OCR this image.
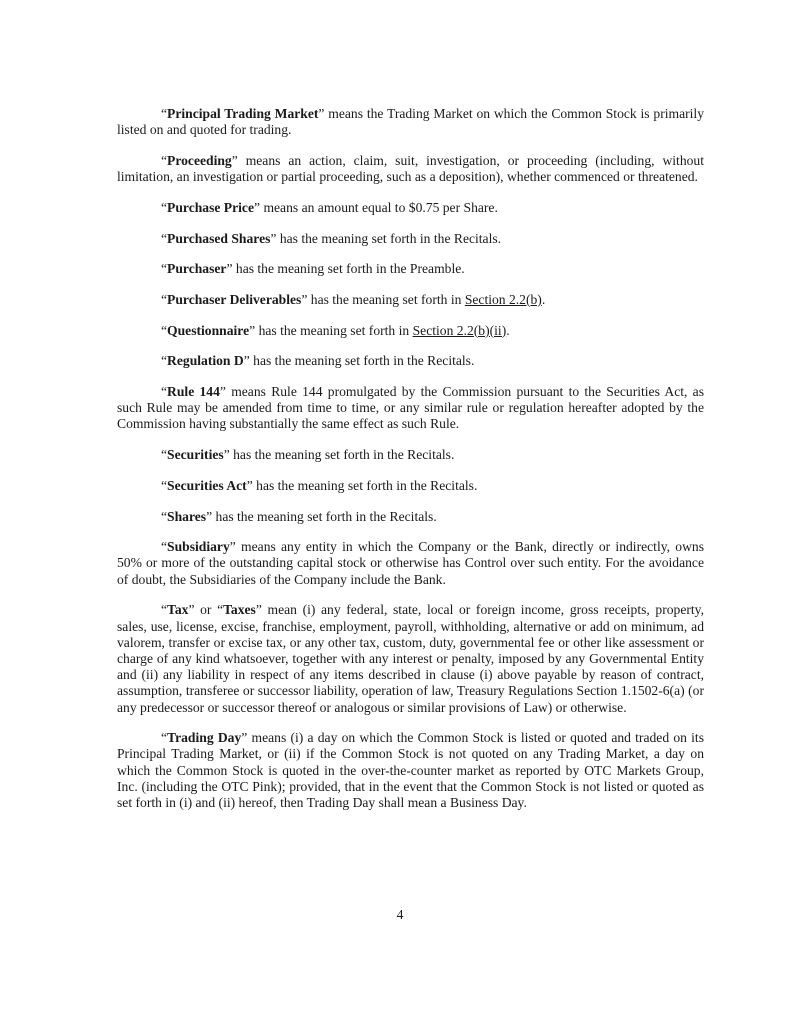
“Principal Trading Market” means the Trading Market on which the Common Stock is primarily listed on and quoted for trading.

“Proceeding” means an action, claim, suit, investigation, or proceeding (including, without limitation, an investigation or partial proceeding, such as a deposition), whether commenced or threatened.

“Purchase Price” means an amount equal to $0.75 per Share.

“Purchased Shares” has the meaning set forth in the Recitals.

“Purchaser” has the meaning set forth in the Preamble.

“Purchaser Deliverables” has the meaning set forth in Section 2.2(b).

“Questionnaire” has the meaning set forth in Section 2.2(b)(ii).

“Regulation D” has the meaning set forth in the Recitals.

“Rule 144” means Rule 144 promulgated by the Commission pursuant to the Securities Act, as such Rule may be amended from time to time, or any similar rule or regulation hereafter adopted by the Commission having substantially the same effect as such Rule.

“Securities” has the meaning set forth in the Recitals.

“Securities Act” has the meaning set forth in the Recitals.

“Shares” has the meaning set forth in the Recitals.

“Subsidiary” means any entity in which the Company or the Bank, directly or indirectly, owns 50% or more of the outstanding capital stock or otherwise has Control over such entity. For the avoidance of doubt, the Subsidiaries of the Company include the Bank.

“Tax” or “Taxes” mean (i) any federal, state, local or foreign income, gross receipts, property, sales, use, license, excise, franchise, employment, payroll, withholding, alternative or add on minimum, ad valorem, transfer or excise tax, or any other tax, custom, duty, governmental fee or other like assessment or charge of any kind whatsoever, together with any interest or penalty, imposed by any Governmental Entity and (ii) any liability in respect of any items described in clause (i) above payable by reason of contract, assumption, transferee or successor liability, operation of law, Treasury Regulations Section 1.1502-6(a) (or any predecessor or successor thereof or analogous or similar provisions of Law) or otherwise.

“Trading Day” means (i) a day on which the Common Stock is listed or quoted and traded on its Principal Trading Market, or (ii) if the Common Stock is not quoted on any Trading Market, a day on which the Common Stock is quoted in the over-the-counter market as reported by OTC Markets Group, Inc. (including the OTC Pink); provided, that in the event that the Common Stock is not listed or quoted as set forth in (i) and (ii) hereof, then Trading Day shall mean a Business Day.

4
